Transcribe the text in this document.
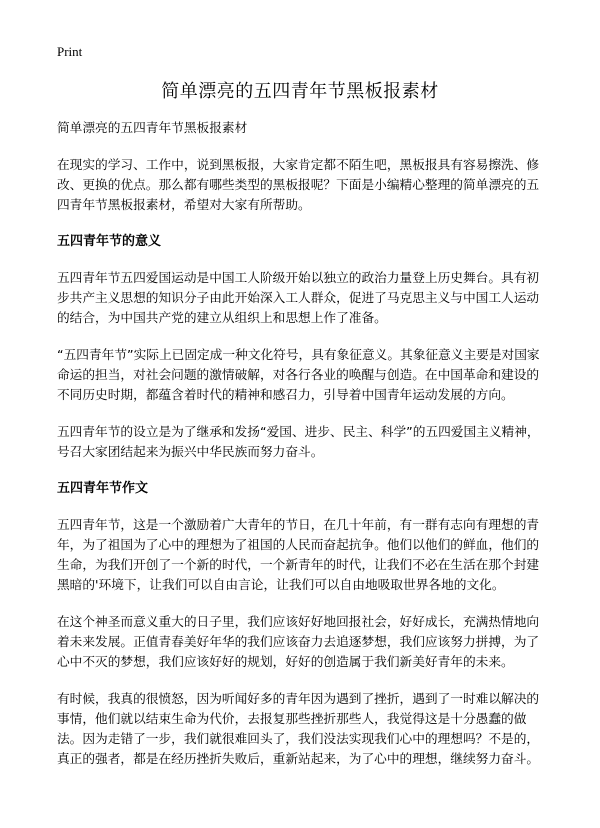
Print
简单漂亮的五四青年节黑板报素材

简单漂亮的五四青年节黑板报素材

在现实的学习、工作中，说到黑板报，大家肯定都不陌生吧，黑板报具有容易擦洗、修改、更换的优点。那么都有哪些类型的黑板报呢？下面是小编精心整理的简单漂亮的五四青年节黑板报素材，希望对大家有所帮助。

五四青年节的意义

五四青年节五四爱国运动是中国工人阶级开始以独立的政治力量登上历史舞台。具有初步共产主义思想的知识分子由此开始深入工人群众，促进了马克思主义与中国工人运动的结合，为中国共产党的建立从组织上和思想上作了准备。

“五四青年节”实际上已固定成一种文化符号，具有象征意义。其象征意义主要是对国家命运的担当，对社会问题的激情破解，对各行各业的唤醒与创造。在中国革命和建设的不同历史时期，都蕴含着时代的精神和感召力，引导着中国青年运动发展的方向。

五四青年节的设立是为了继承和发扬“爱国、进步、民主、科学”的五四爱国主义精神，号召大家团结起来为振兴中华民族而努力奋斗。

五四青年节作文

五四青年节，这是一个激励着广大青年的节日，在几十年前，有一群有志向有理想的青年，为了祖国为了心中的理想为了祖国的人民而奋起抗争。他们以他们的鲜血，他们的生命，为我们开创了一个新的时代，一个新青年的时代，让我们不必在生活在那个封建黑暗的'环境下，让我们可以自由言论，让我们可以自由地吸取世界各地的文化。

在这个神圣而意义重大的日子里，我们应该好好地回报社会，好好成长，充满热情地向着未来发展。正值青春美好年华的我们应该奋力去追逐梦想，我们应该努力拼搏，为了心中不灭的梦想，我们应该好好的规划，好好的创造属于我们新美好青年的未来。

有时候，我真的很愤怒，因为听闻好多的青年因为遇到了挫折，遇到了一时难以解决的事情，他们就以结束生命为代价，去报复那些挫折那些人，我觉得这是十分愚蠢的做法。因为走错了一步，我们就很难回头了，我们没法实现我们心中的理想吗？不是的，真正的强者，都是在经历挫折失败后，重新站起来，为了心中的理想，继续努力奋斗。
